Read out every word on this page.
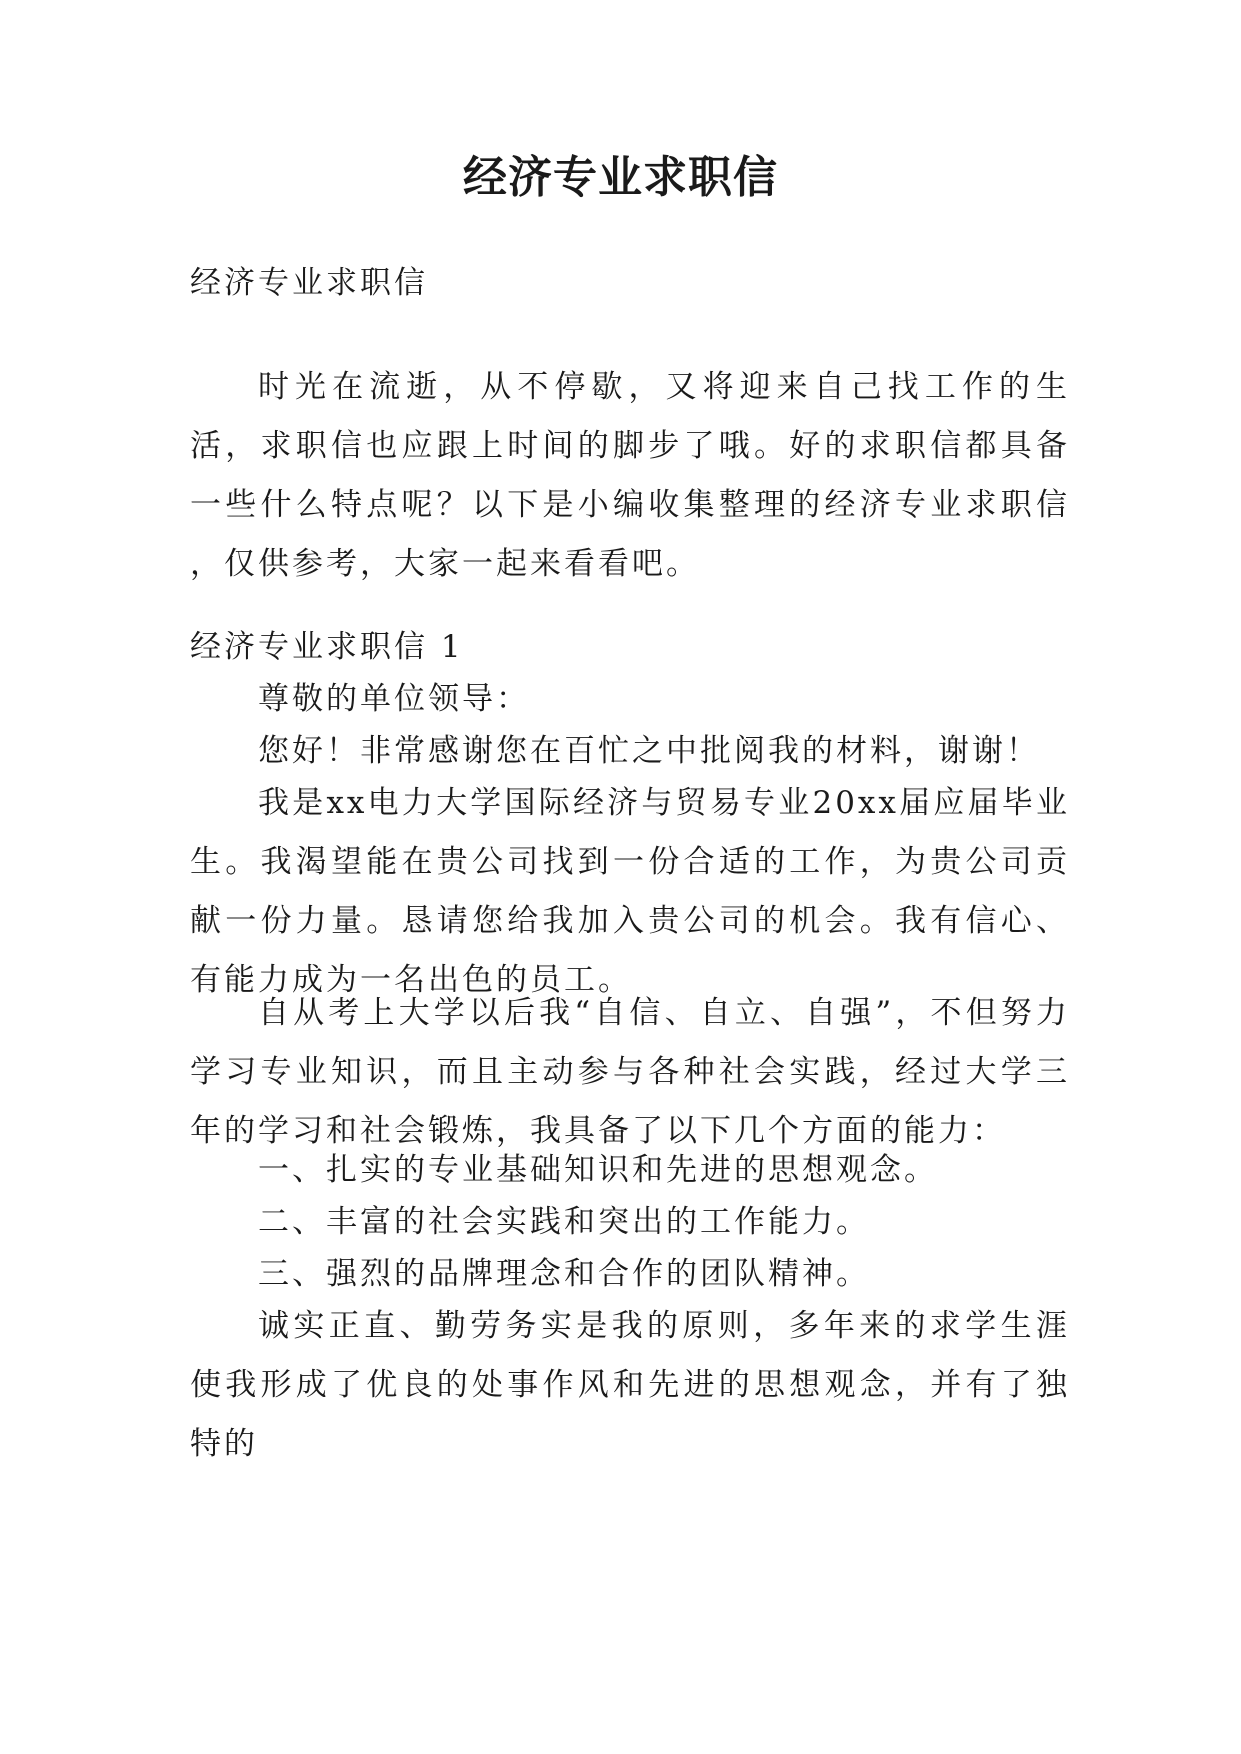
经济专业求职信

经济专业求职信

时光在流逝，从不停歇，又将迎来自己找工作的生活，求职信也应跟上时间的脚步了哦。好的求职信都具备一些什么特点呢？以下是小编收集整理的经济专业求职信 ，仅供参考，大家一起来看看吧。

经济专业求职信 1

尊敬的单位领导：

您好！非常感谢您在百忙之中批阅我的材料，谢谢！

我是xx电力大学国际经济与贸易专业20xx届应届毕业生。我渴望能在贵公司找到一份合适的工作，为贵公司贡献一份力量。恳请您给我加入贵公司的机会。我有信心、有能力成为一名出色的员工。

自从考上大学以后我“自信、自立、自强”，不但努力学习专业知识，而且主动参与各种社会实践，经过大学三年的学习和社会锻炼，我具备了以下几个方面的能力：

一、扎实的专业基础知识和先进的思想观念。

二、丰富的社会实践和突出的工作能力。

三、强烈的品牌理念和合作的团队精神。

诚实正直、勤劳务实是我的原则，多年来的求学生涯使我形成了优良的处事作风和先进的思想观念，并有了独特的
